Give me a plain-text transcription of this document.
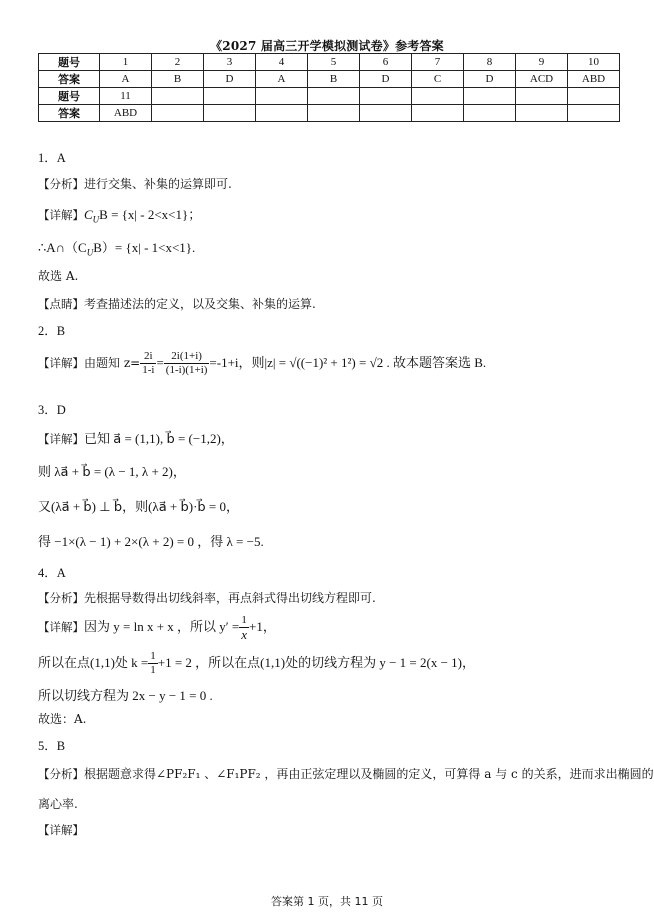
《2027 届高三开学模拟测试卷》参考答案
题号	1	2	3	4	5	6	7	8	9	10
答案	A	B	D	A	B	D	C	D	ACD	ABD
题号	11									
答案	ABD									
1．A
【分析】进行交集、补集的运算即可.
【详解】$C_UB = \{x| - 2<x<1\}$；
$\therefore A\cap(C_UB)= \{x| - 1<x<1\}$.
故选 A.
【点睛】考查描述法的定义，以及交集、补集的运算.
2．B
【详解】由题知 $z= \frac{2i}{1-i} = \frac{2i(1+i)}{(1-i)(1+i)} =-1+i$，则|z| = √((−1)² + 1²) = √2 . 故本题答案选 B.
3．D
【详解】已知 a⃗ = (1,1), b⃗ = (−1,2)，
则 λa⃗ + b⃗ = (λ − 1, λ + 2)，
又(λa⃗ + b⃗) ⊥ b⃗，则(λa⃗ + b⃗)·b⃗ = 0，
得 −1×(λ − 1) + 2×(λ + 2) = 0 ，得 λ = −5.
4．A
【分析】先根据导数得出切线斜率，再点斜式得出切线方程即可.
【详解】因为 y = ln x + x ，所以 $y' = \frac{1}{x} +1$，
所以在点(1,1)处 $k = \frac{1}{1} +1 = 2$ ，所以在点(1,1)处的切线方程为 y − 1 = 2(x − 1)，
所以切线方程为 2x − y − 1 = 0 .
故选：A.
5．B
【分析】根据题意求得∠PF₂F₁ 、∠F₁PF₂ ，再由正弦定理以及椭圆的定义，可算得 a 与 c 的关系，进而求出椭圆的
离心率.
【详解】
答案第 1 页，共 11 页
